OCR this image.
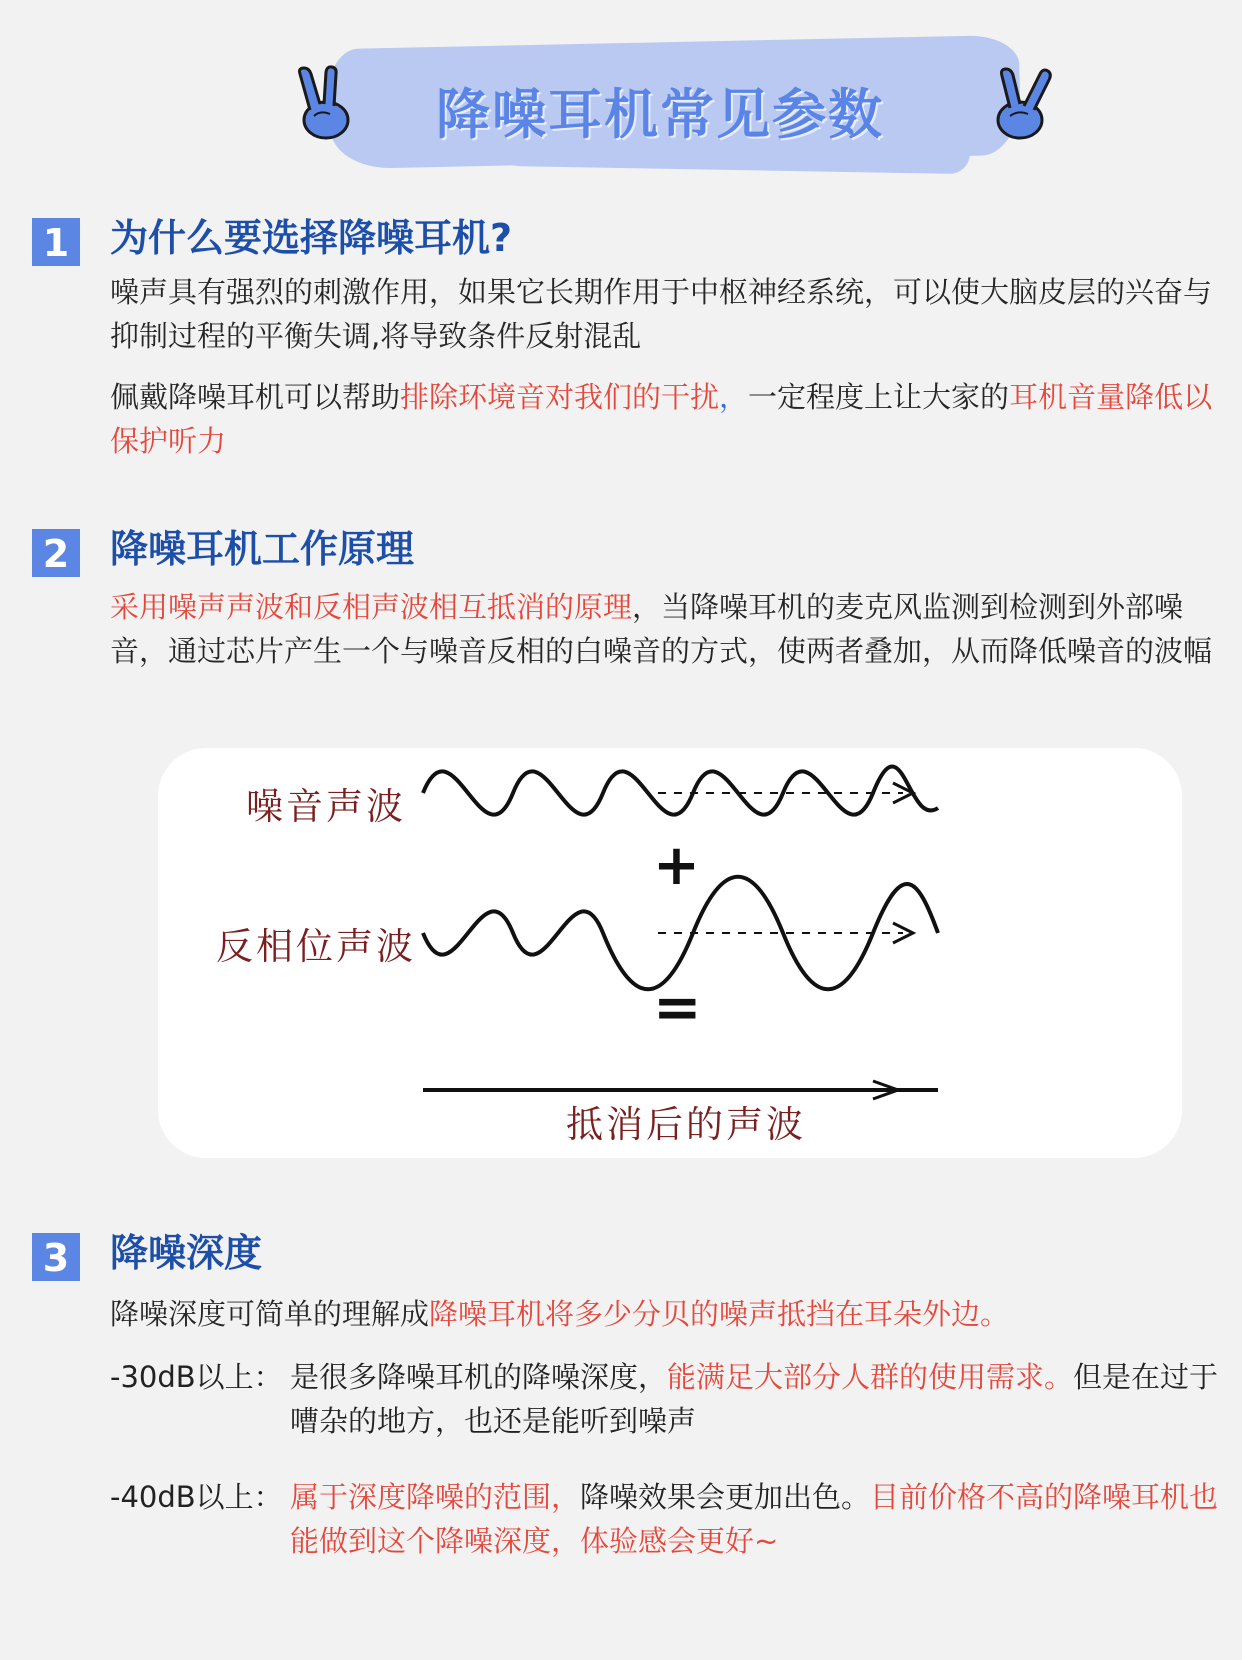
降噪耳机常见参数
1 为什么要选择降噪耳机?
噪声具有强烈的刺激作用，如果它长期作用于中枢神经系统，可以使大脑皮层的兴奋与抑制过程的平衡失调,将导致条件反射混乱
佩戴降噪耳机可以帮助排除环境音对我们的干扰，一定程度上让大家的耳机音量降低以保护听力
2 降噪耳机工作原理
采用噪声声波和反相声波相互抵消的原理，当降噪耳机的麦克风监测到检测到外部噪音，通过芯片产生一个与噪音反相的白噪音的方式，使两者叠加，从而降低噪音的波幅
噪音声波
+
反相位声波
=
抵消后的声波
3 降噪深度
降噪深度可简单的理解成降噪耳机将多少分贝的噪声抵挡在耳朵外边。
-30dB以上： 是很多降噪耳机的降噪深度，能满足大部分人群的使用需求。但是在过于嘈杂的地方，也还是能听到噪声
-40dB以上： 属于深度降噪的范围，降噪效果会更加出色。目前价格不高的降噪耳机也能做到这个降噪深度，体验感会更好~
